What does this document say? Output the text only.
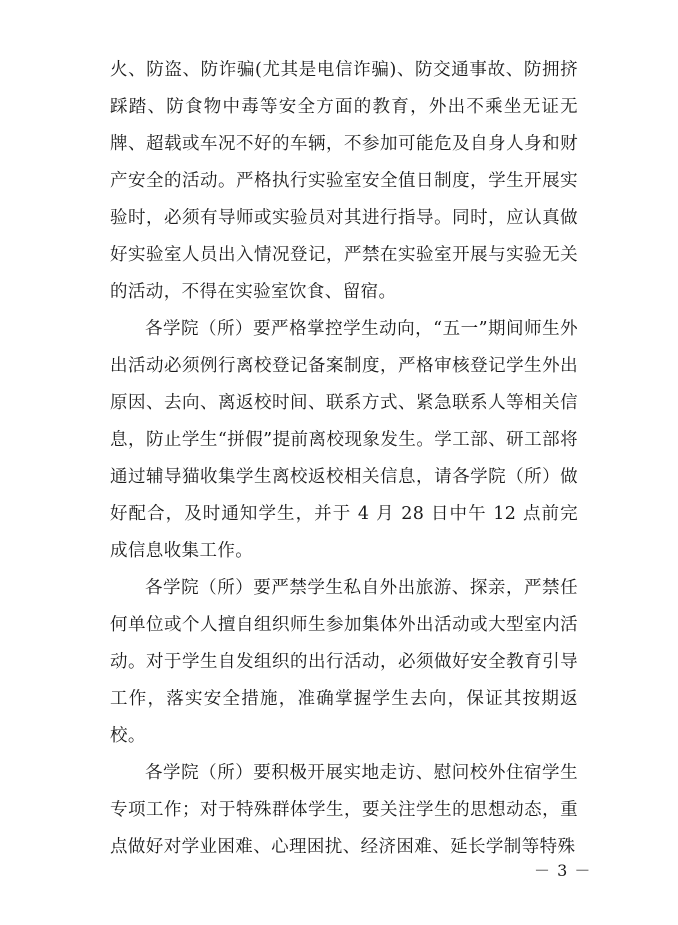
火、防盗、防诈骗(尤其是电信诈骗)、防交通事故、防拥挤踩踏、防食物中毒等安全方面的教育，外出不乘坐无证无牌、超载或车况不好的车辆，不参加可能危及自身人身和财产安全的活动。严格执行实验室安全值日制度，学生开展实验时，必须有导师或实验员对其进行指导。同时，应认真做好实验室人员出入情况登记，严禁在实验室开展与实验无关的活动，不得在实验室饮食、留宿。

各学院（所）要严格掌控学生动向，“五一”期间师生外出活动必须例行离校登记备案制度，严格审核登记学生外出原因、去向、离返校时间、联系方式、紧急联系人等相关信息，防止学生“拼假”提前离校现象发生。学工部、研工部将通过辅导猫收集学生离校返校相关信息，请各学院（所）做好配合，及时通知学生，并于 4 月 28 日中午 12 点前完成信息收集工作。

各学院（所）要严禁学生私自外出旅游、探亲，严禁任何单位或个人擅自组织师生参加集体外出活动或大型室内活动。对于学生自发组织的出行活动，必须做好安全教育引导工作，落实安全措施，准确掌握学生去向，保证其按期返校。

各学院（所）要积极开展实地走访、慰问校外住宿学生专项工作；对于特殊群体学生，要关注学生的思想动态，重点做好对学业困难、心理困扰、经济困难、延长学制等特殊

－ 3 －
